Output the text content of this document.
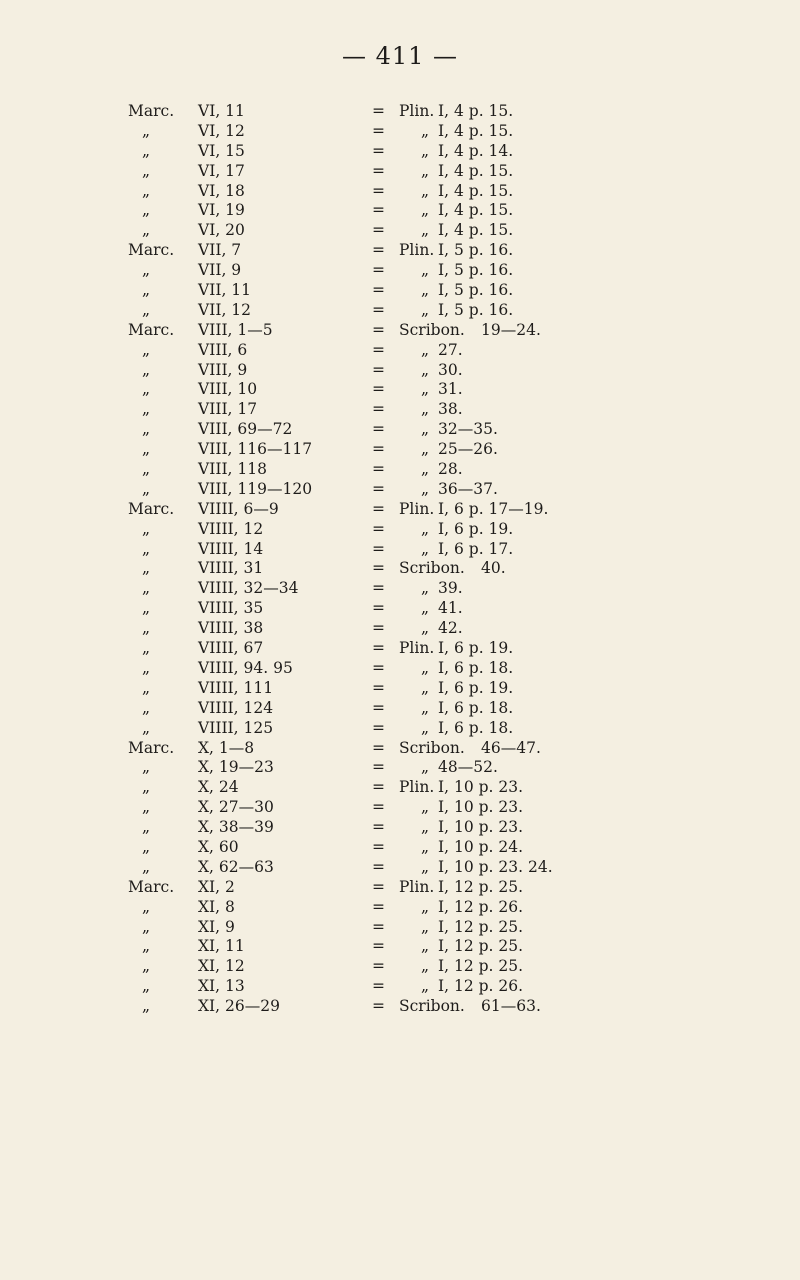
— 411 —
Marc. VI, 11	= Plin. I, 4 p. 15.
„	VI, 12	= „ I, 4 p. 15.
„	VI, 15	= „ I, 4 p. 14.
„	VI, 17	= „ I, 4 p. 15.
„	VI, 18	= „ I, 4 p. 15.
„	VI, 19	= „ I, 4 p. 15.
„	VI, 20	= „ I, 4 p. 15.
Marc. VII, 7	= Plin. I, 5 p. 16.
„	VII, 9	= „ I, 5 p. 16.
„	VII, 11	= „ I, 5 p. 16.
„	VII, 12	= „ I, 5 p. 16.
Marc. VIII, 1—5	= Scribon. 19—24.
„	VIII, 6	= „ 27.
„	VIII, 9	= „ 30.
„	VIII, 10	= „ 31.
„	VIII, 17	= „ 38.
„	VIII, 69—72	= „ 32—35.
„	VIII, 116—117	= „ 25—26.
„	VIII, 118	= „ 28.
„	VIII, 119—120	= „ 36—37.
Marc. VIIII, 6—9	= Plin. I, 6 p. 17—19.
„	VIIII, 12	= „ I, 6 p. 19.
„	VIIII, 14	= „ I, 6 p. 17.
„	VIIII, 31	= Scribon. 40.
„	VIIII, 32—34	= „ 39.
„	VIIII, 35	= „ 41.
„	VIIII, 38	= „ 42.
„	VIIII, 67	= Plin. I, 6 p. 19.
„	VIIII, 94. 95	= „ I, 6 p. 18.
„	VIIII, 111	= „ I, 6 p. 19.
„	VIIII, 124	= „ I, 6 p. 18.
„	VIIII, 125	= „ I, 6 p. 18.
Marc. X, 1—8	= Scribon. 46—47.
„	X, 19—23	= „ 48—52.
„	X, 24	= Plin. I, 10 p. 23.
„	X, 27—30	= „ I, 10 p. 23.
„	X, 38—39	= „ I, 10 p. 23.
„	X, 60	= „ I, 10 p. 24.
„	X, 62—63	= „ I, 10 p. 23. 24.
Marc. XI, 2	= Plin. I, 12 p. 25.
„	XI, 8	= „ I, 12 p. 26.
„	XI, 9	= „ I, 12 p. 25.
„	XI, 11	= „ I, 12 p. 25.
„	XI, 12	= „ I, 12 p. 25.
„	XI, 13	= „ I, 12 p. 26.
„	XI, 26—29	= Scribon. 61—63.
